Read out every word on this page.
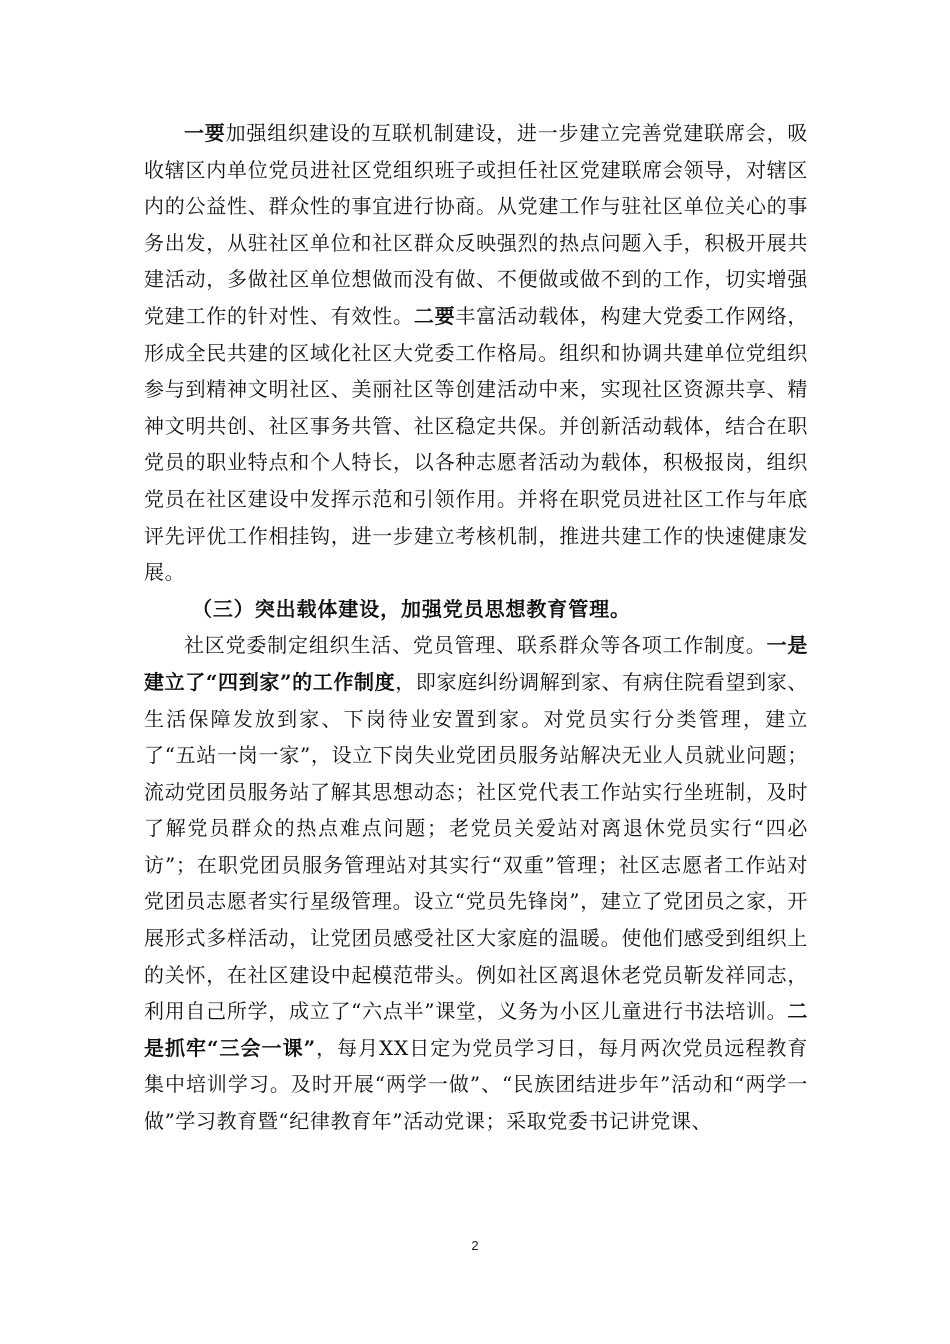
一要加强组织建设的互联机制建设，进一步建立完善党建联席会，吸收辖区内单位党员进社区党组织班子或担任社区党建联席会领导，对辖区内的公益性、群众性的事宜进行协商。从党建工作与驻社区单位关心的事务出发，从驻社区单位和社区群众反映强烈的热点问题入手，积极开展共建活动，多做社区单位想做而没有做、不便做或做不到的工作，切实增强党建工作的针对性、有效性。二要丰富活动载体，构建大党委工作网络，形成全民共建的区域化社区大党委工作格局。组织和协调共建单位党组织参与到精神文明社区、美丽社区等创建活动中来，实现社区资源共享、精神文明共创、社区事务共管、社区稳定共保。并创新活动载体，结合在职党员的职业特点和个人特长，以各种志愿者活动为载体，积极报岗，组织党员在社区建设中发挥示范和引领作用。并将在职党员进社区工作与年底评先评优工作相挂钩，进一步建立考核机制，推进共建工作的快速健康发展。

（三）突出载体建设，加强党员思想教育管理。

社区党委制定组织生活、党员管理、联系群众等各项工作制度。一是建立了“四到家”的工作制度，即家庭纠纷调解到家、有病住院看望到家、生活保障发放到家、下岗待业安置到家。对党员实行分类管理，建立了“五站一岗一家”，设立下岗失业党团员服务站解决无业人员就业问题；流动党团员服务站了解其思想动态；社区党代表工作站实行坐班制，及时了解党员群众的热点难点问题；老党员关爱站对离退休党员实行“四必访”；在职党团员服务管理站对其实行“双重”管理；社区志愿者工作站对党团员志愿者实行星级管理。设立“党员先锋岗”，建立了党团员之家，开展形式多样活动，让党团员感受社区大家庭的温暖。使他们感受到组织上的关怀，在社区建设中起模范带头。例如社区离退休老党员靳发祥同志，利用自己所学，成立了“六点半”课堂，义务为小区儿童进行书法培训。二是抓牢“三会一课”，每月XX日定为党员学习日，每月两次党员远程教育集中培训学习。及时开展“两学一做”、“民族团结进步年”活动和“两学一做”学习教育暨“纪律教育年”活动党课；采取党委书记讲党课、

2
